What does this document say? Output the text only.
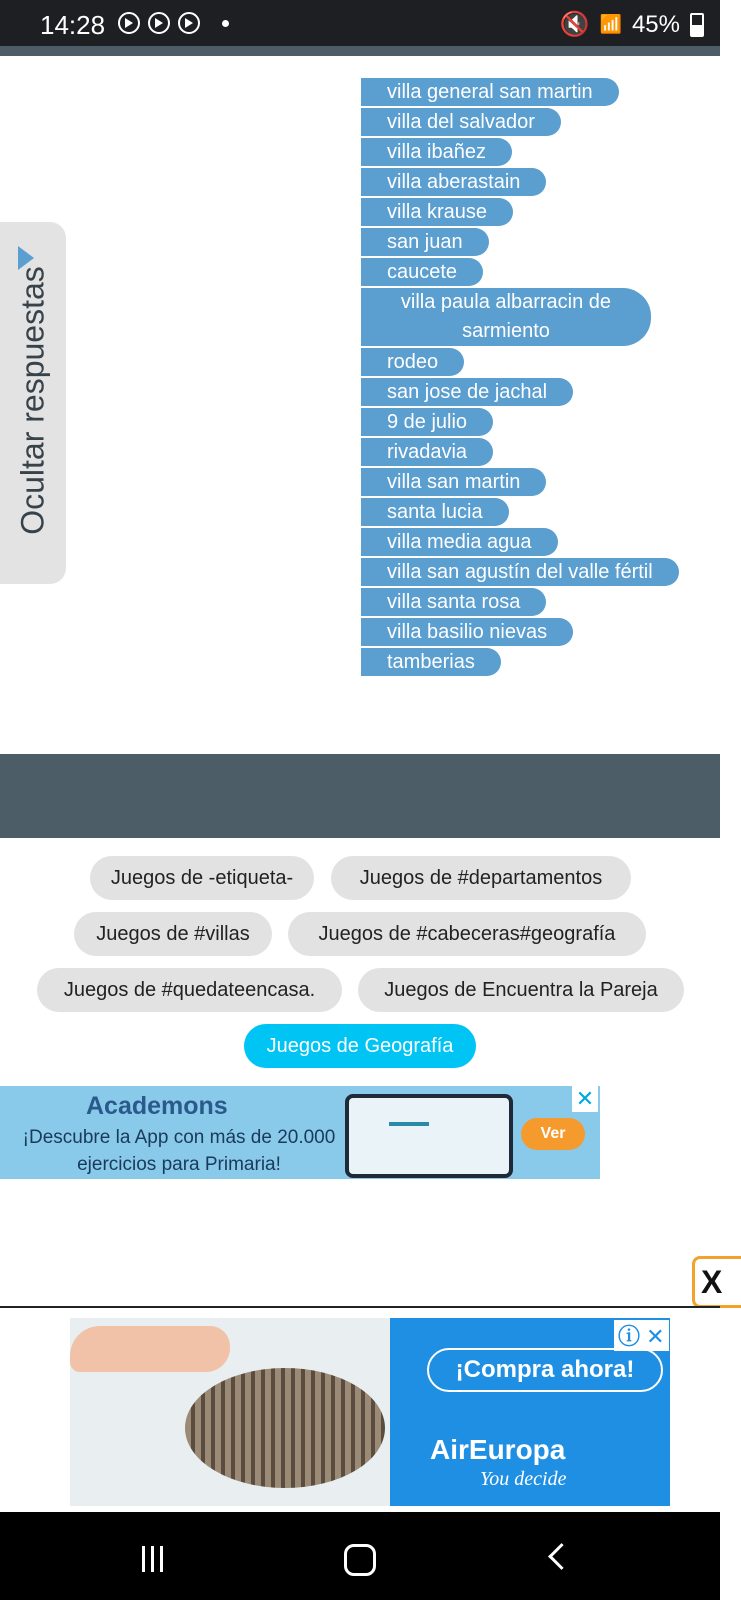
14:28	🔇 📶 45%
Ocultar respuestas
villa general san martin
villa del salvador
villa ibañez
villa aberastain
villa krause
san juan
caucete
villa paula albarracin de sarmiento
rodeo
san jose de jachal
9 de julio
rivadavia
villa san martin
santa lucia
villa media agua
villa san agustín del valle fértil
villa santa rosa
villa basilio nievas
tamberias
Juegos de -etiqueta-	Juegos de #departamentos
Juegos de #villas	Juegos de #cabeceras#geografía
Juegos de #quedateencasa.	Juegos de Encuentra la Pareja
Juegos de Geografía
Academons
¡Descubre la App con más de 20.000 ejercicios para Primaria!
Ver
✕
X
ⓘ ✕
¡Compra ahora!
AirEuropa
You decide
